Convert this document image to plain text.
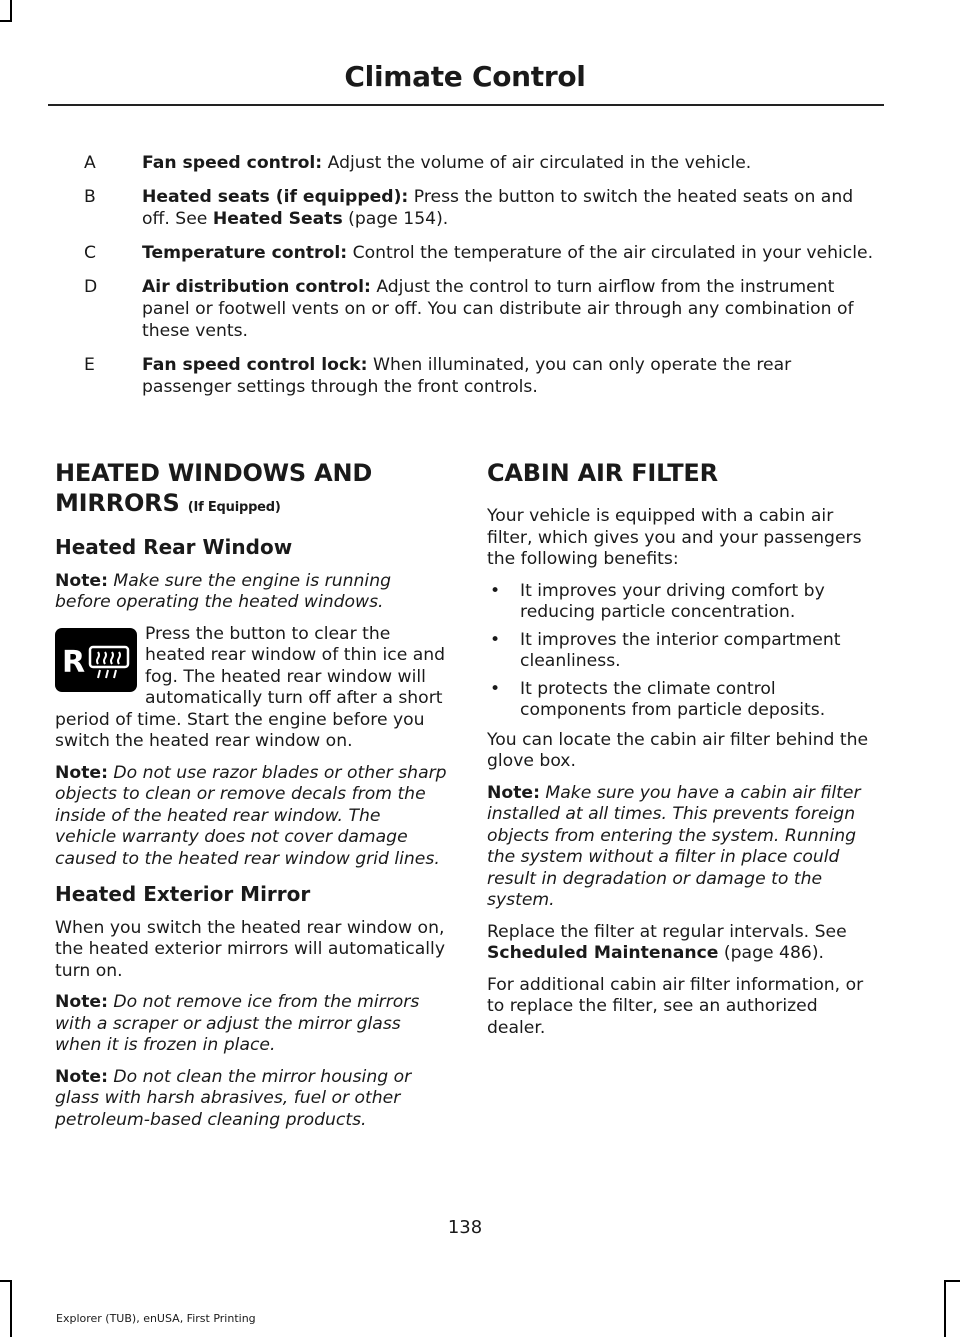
Climate Control
A	Fan speed control: Adjust the volume of air circulated in the vehicle.
B	Heated seats (if equipped): Press the button to switch the heated seats on and off. See Heated Seats (page 154).
C	Temperature control: Control the temperature of the air circulated in your vehicle.
D	Air distribution control: Adjust the control to turn airflow from the instrument panel or footwell vents on or off. You can distribute air through any combination of these vents.
E	Fan speed control lock: When illuminated, you can only operate the rear passenger settings through the front controls.
HEATED WINDOWS AND
MIRRORS (If Equipped)
Heated Rear Window

Note: Make sure the engine is running before operating the heated windows.

R
Press the button to clear the heated rear window of thin ice and fog. The heated rear window will automatically turn off after a short period of time. Start the engine before you switch the heated rear window on.

Note: Do not use razor blades or other sharp objects to clean or remove decals from the inside of the heated rear window. The vehicle warranty does not cover damage caused to the heated rear window grid lines.

Heated Exterior Mirror

When you switch the heated rear window on, the heated exterior mirrors will automatically turn on.

Note: Do not remove ice from the mirrors with a scraper or adjust the mirror glass when it is frozen in place.

Note: Do not clean the mirror housing or glass with harsh abrasives, fuel or other petroleum-based cleaning products.

CABIN AIR FILTER

Your vehicle is equipped with a cabin air filter, which gives you and your passengers the following benefits:

• It improves your driving comfort by reducing particle concentration.
• It improves the interior compartment cleanliness.
• It protects the climate control components from particle deposits.

You can locate the cabin air filter behind the glove box.

Note: Make sure you have a cabin air filter installed at all times. This prevents foreign objects from entering the system. Running the system without a filter in place could result in degradation or damage to the system.

Replace the filter at regular intervals. See Scheduled Maintenance (page 486).

For additional cabin air filter information, or to replace the filter, see an authorized dealer.

138
Explorer (TUB), enUSA, First Printing
